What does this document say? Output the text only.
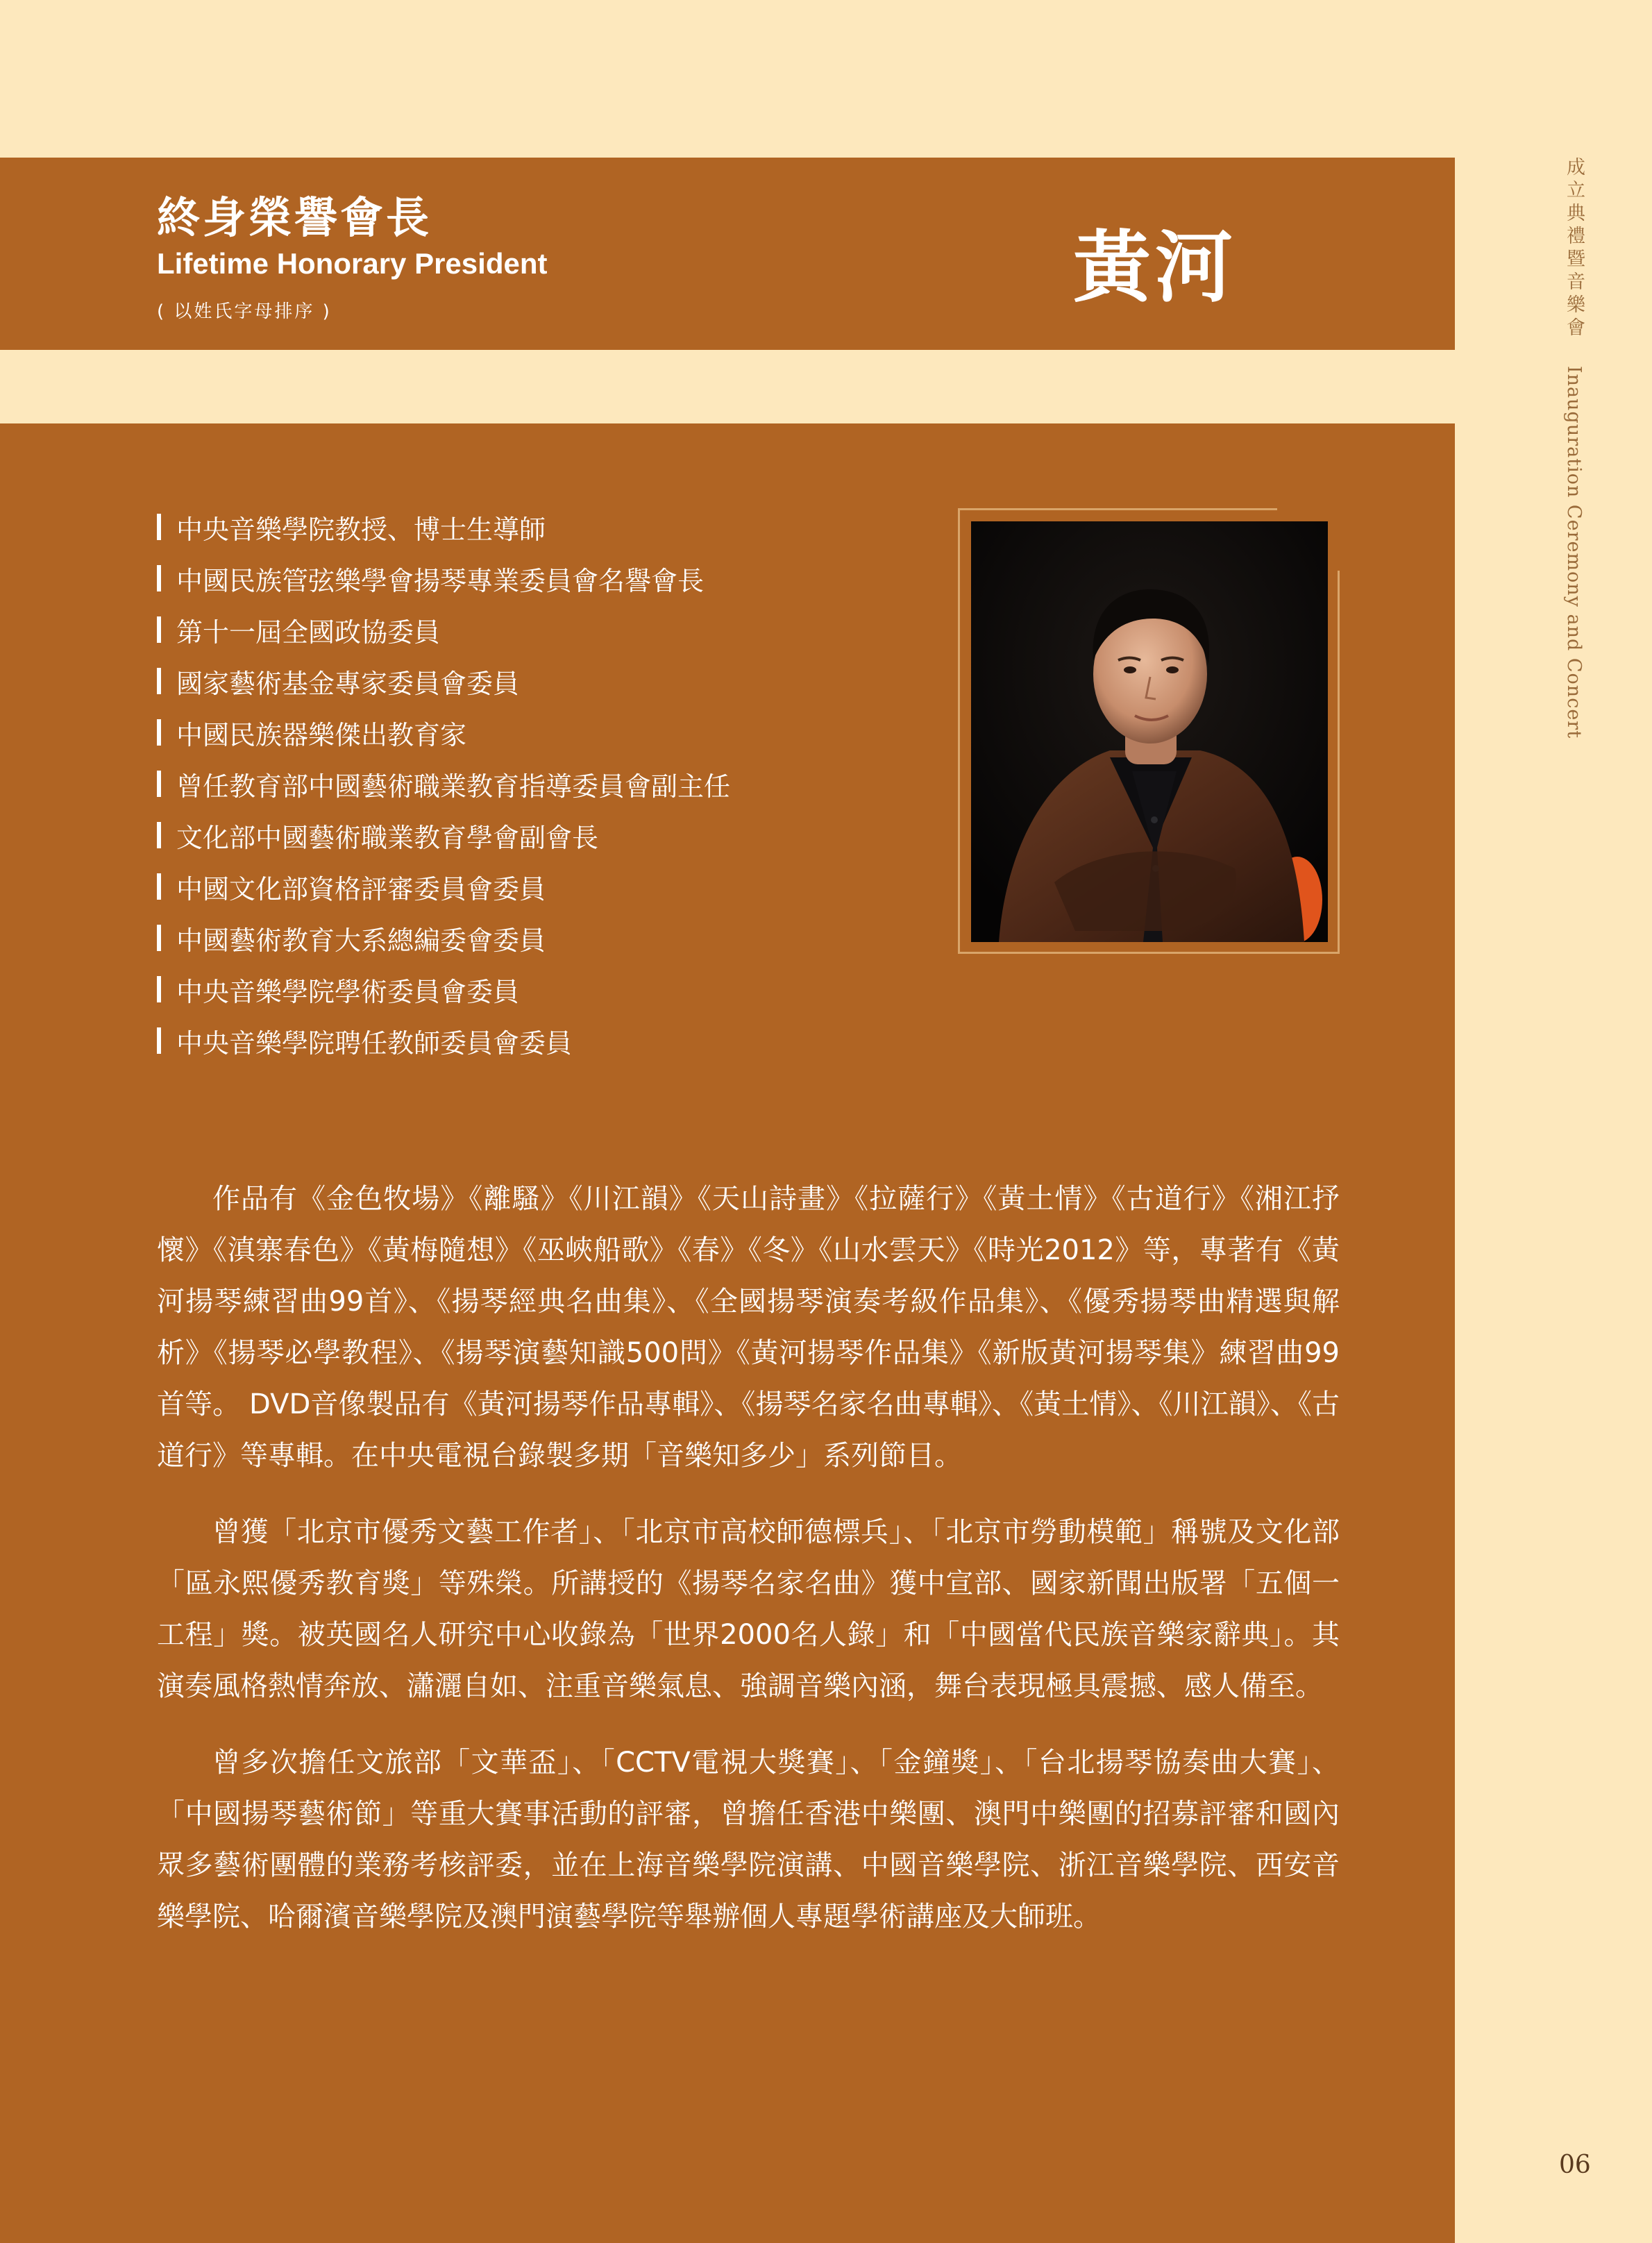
終身榮譽會長
Lifetime Honorary President
( 以姓氏字母排序 )	黃河
中央音樂學院教授、博士生導師
中國民族管弦樂學會揚琴專業委員會名譽會長
第十一屆全國政協委員
國家藝術基金專家委員會委員
中國民族器樂傑出教育家
曾任教育部中國藝術職業教育指導委員會副主任
文化部中國藝術職業教育學會副會長
中國文化部資格評審委員會委員
中國藝術教育大系總編委會委員
中央音樂學院學術委員會委員
中央音樂學院聘任教師委員會委員

作品有《金色牧場》《離騷》《川江韻》《天山詩畫》《拉薩行》《黃土情》《古道行》《湘江抒懷》《滇寨春色》《黃梅隨想》《巫峽船歌》《春》《冬》《山水雲天》《時光2012》等，專著有《黃河揚琴練習曲99首》、《揚琴經典名曲集》、《全國揚琴演奏考級作品集》、《優秀揚琴曲精選與解析》《揚琴必學教程》、《揚琴演藝知識500問》《黃河揚琴作品集》《新版黃河揚琴集》練習曲99首等。 DVD音像製品有《黃河揚琴作品專輯》、《揚琴名家名曲專輯》、《黃土情》、《川江韻》、《古道行》等專輯。在中央電視台錄製多期「音樂知多少」系列節目。

曾獲「北京市優秀文藝工作者」、「北京市高校師德標兵」、「北京市勞動模範」稱號及文化部「區永熙優秀教育獎」等殊榮。所講授的《揚琴名家名曲》獲中宣部、國家新聞出版署「五個一工程」獎。被英國名人研究中心收錄為「世界2000名人錄」和「中國當代民族音樂家辭典」。其演奏風格熱情奔放、瀟灑自如、注重音樂氣息、強調音樂內涵，舞台表現極具震撼、感人備至。

曾多次擔任文旅部「文華盃」、「CCTV電視大獎賽」、「金鐘獎」、「台北揚琴協奏曲大賽」、「中國揚琴藝術節」等重大賽事活動的評審，曾擔任香港中樂團、澳門中樂團的招募評審和國內眾多藝術團體的業務考核評委，並在上海音樂學院演講、中國音樂學院、浙江音樂學院、西安音樂學院、哈爾濱音樂學院及澳門演藝學院等舉辦個人專題學術講座及大師班。

成立典禮暨音樂會 Inauguration Ceremony and Concert
06
